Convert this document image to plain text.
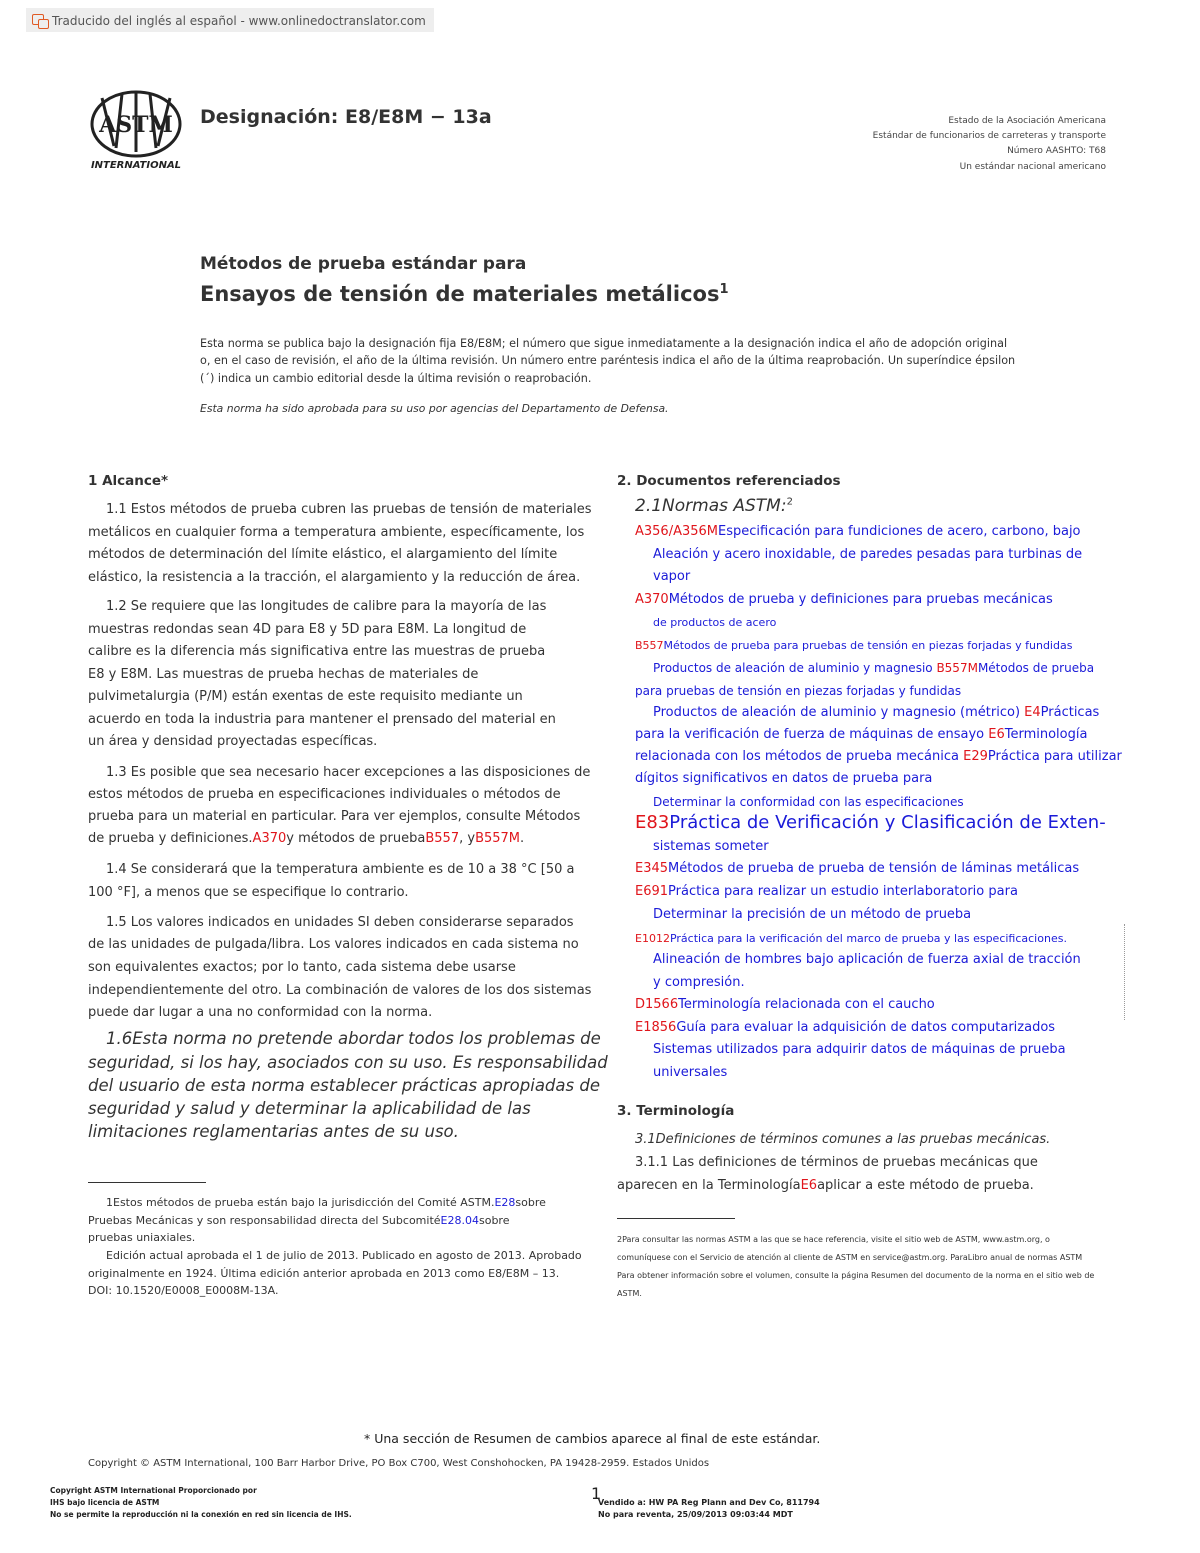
Traducido del inglés al español - www.onlinedoctranslator.com
ASTM
INTERNATIONAL
Designación: E8/E8M − 13a	Estado de la Asociación Americana
Estándar de funcionarios de carreteras y transporte
Número AASHTO: T68
Un estándar nacional americano
Métodos de prueba estándar para
Ensayos de tensión de materiales metálicos$^1$
Esta norma se publica bajo la designación fija E8/E8M; el número que sigue inmediatamente a la designación indica el año de adopción original
o, en el caso de revisión, el año de la última revisión. Un número entre paréntesis indica el año de la última reaprobación. Un superíndice épsilon
(´) indica un cambio editorial desde la última revisión o reaprobación.
Esta norma ha sido aprobada para su uso por agencias del Departamento de Defensa.
1 Alcance*
1.1 Estos métodos de prueba cubren las pruebas de tensión de materiales
metálicos en cualquier forma a temperatura ambiente, específicamente, los
métodos de determinación del límite elástico, el alargamiento del límite
elástico, la resistencia a la tracción, el alargamiento y la reducción de área.
1.2 Se requiere que las longitudes de calibre para la mayoría de las
muestras redondas sean 4D para E8 y 5D para E8M. La longitud de
calibre es la diferencia más significativa entre las muestras de prueba
E8 y E8M. Las muestras de prueba hechas de materiales de
pulvimetalurgia (P/M) están exentas de este requisito mediante un
acuerdo en toda la industria para mantener el prensado del material en
un área y densidad proyectadas específicas.
1.3 Es posible que sea necesario hacer excepciones a las disposiciones de
estos métodos de prueba en especificaciones individuales o métodos de
prueba para un material en particular. Para ver ejemplos, consulte Métodos
de prueba y definiciones.A370y métodos de pruebaB557, yB557M.
1.4 Se considerará que la temperatura ambiente es de 10 a 38 °C [50 a
100 °F], a menos que se especifique lo contrario.
1.5 Los valores indicados en unidades SI deben considerarse separados
de las unidades de pulgada/libra. Los valores indicados en cada sistema no
son equivalentes exactos; por lo tanto, cada sistema debe usarse
independientemente del otro. La combinación de valores de los dos sistemas
puede dar lugar a una no conformidad con la norma.
1.6Esta norma no pretende abordar todos los problemas de
seguridad, si los hay, asociados con su uso. Es responsabilidad
del usuario de esta norma establecer prácticas apropiadas de
seguridad y salud y determinar la aplicabilidad de las
limitaciones reglamentarias antes de su uso.
1Estos métodos de prueba están bajo la jurisdicción del Comité ASTM.E28sobre
Pruebas Mecánicas y son responsabilidad directa del SubcomitéE28.04sobre
pruebas uniaxiales.
Edición actual aprobada el 1 de julio de 2013. Publicado en agosto de 2013. Aprobado
originalmente en 1924. Última edición anterior aprobada en 2013 como E8/E8M – 13.
DOI: 10.1520/E0008_E0008M-13A.
2. Documentos referenciados
2.1Normas ASTM:$^2$
A356/A356MEspecificación para fundiciones de acero, carbono, bajo
Aleación y acero inoxidable, de paredes pesadas para turbinas de
vapor
A370Métodos de prueba y definiciones para pruebas mecánicas
de productos de acero
B557Métodos de prueba para pruebas de tensión en piezas forjadas y fundidas
Productos de aleación de aluminio y magnesio B557MMétodos de prueba
para pruebas de tensión en piezas forjadas y fundidas
Productos de aleación de aluminio y magnesio (métrico) E4Prácticas
para la verificación de fuerza de máquinas de ensayo E6Terminología
relacionada con los métodos de prueba mecánica E29Práctica para utilizar
dígitos significativos en datos de prueba para
Determinar la conformidad con las especificaciones
E83Práctica de Verificación y Clasificación de Exten-
sistemas someter
E345Métodos de prueba de prueba de tensión de láminas metálicas
E691Práctica para realizar un estudio interlaboratorio para
Determinar la precisión de un método de prueba
E1012Práctica para la verificación del marco de prueba y las especificaciones.
Alineación de hombres bajo aplicación de fuerza axial de tracción
y compresión.
D1566Terminología relacionada con el caucho
E1856Guía para evaluar la adquisición de datos computarizados
Sistemas utilizados para adquirir datos de máquinas de prueba
universales
3. Terminología
3.1Definiciones de términos comunes a las pruebas mecánicas.
3.1.1 Las definiciones de términos de pruebas mecánicas que
aparecen en la TerminologíaE6aplicar a este método de prueba.
2Para consultar las normas ASTM a las que se hace referencia, visite el sitio web de ASTM, www.astm.org, o
comuníquese con el Servicio de atención al cliente de ASTM en service@astm.org. ParaLibro anual de normas ASTM
Para obtener información sobre el volumen, consulte la página Resumen del documento de la norma en el sitio web de
ASTM.
* Una sección de Resumen de cambios aparece al final de este estándar.
Copyright © ASTM International, 100 Barr Harbor Drive, PO Box C700, West Conshohocken, PA 19428-2959. Estados Unidos
Copyright ASTM International Proporcionado por
IHS bajo licencia de ASTM
No se permite la reproducción ni la conexión en red sin licencia de IHS.
1
Vendido a: HW PA Reg Plann and Dev Co, 811794
No para reventa, 25/09/2013 09:03:44 MDT
